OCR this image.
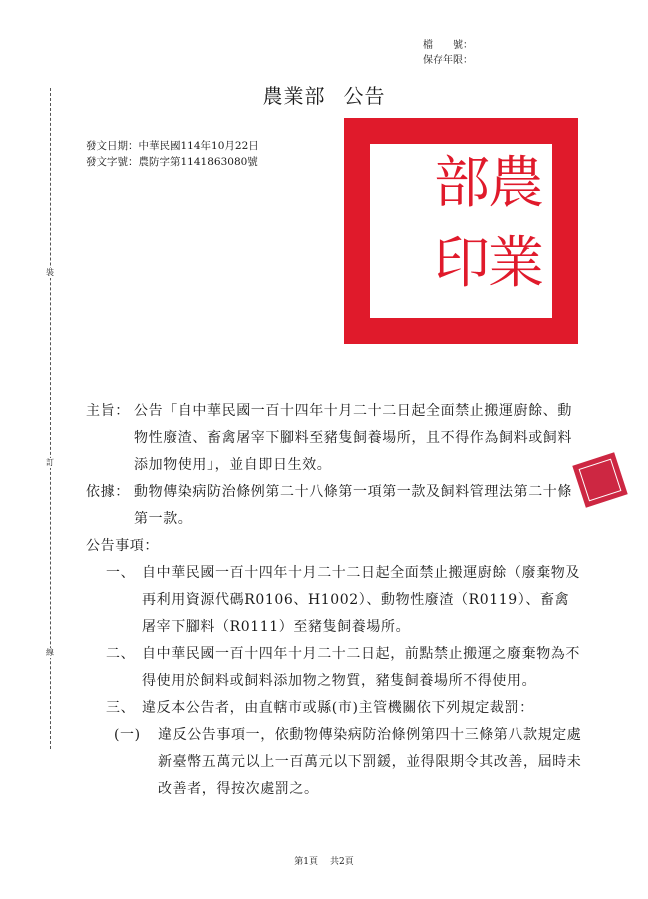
裝
訂
線
檔　　號：
保存年限：
農業部 公告
發文日期：中華民國114年10月22日
發文字號：農防字第1141863080號	農
業
部
印
主旨： 公告「自中華民國一百十四年十月二十二日起全面禁止搬運廚餘、動物性廢渣、畜禽屠宰下腳料至豬隻飼養場所，且不得作為飼料或飼料添加物使用」，並自即日生效。
依據： 動物傳染病防治條例第二十八條第一項第一款及飼料管理法第二十條第一款。
公告事項：
一、 自中華民國一百十四年十月二十二日起全面禁止搬運廚餘（廢棄物及再利用資源代碼R0106、H1002）、動物性廢渣（R0119）、畜禽屠宰下腳料（R0111）至豬隻飼養場所。
二、 自中華民國一百十四年十月二十二日起，前點禁止搬運之廢棄物為不得使用於飼料或飼料添加物之物質，豬隻飼養場所不得使用。
三、 違反本公告者，由直轄市或縣(市)主管機關依下列規定裁罰：
(一) 違反公告事項一，依動物傳染病防治條例第四十三條第八款規定處新臺幣五萬元以上一百萬元以下罰鍰，並得限期令其改善，屆時未改善者，得按次處罰之。
第1頁 共2頁
